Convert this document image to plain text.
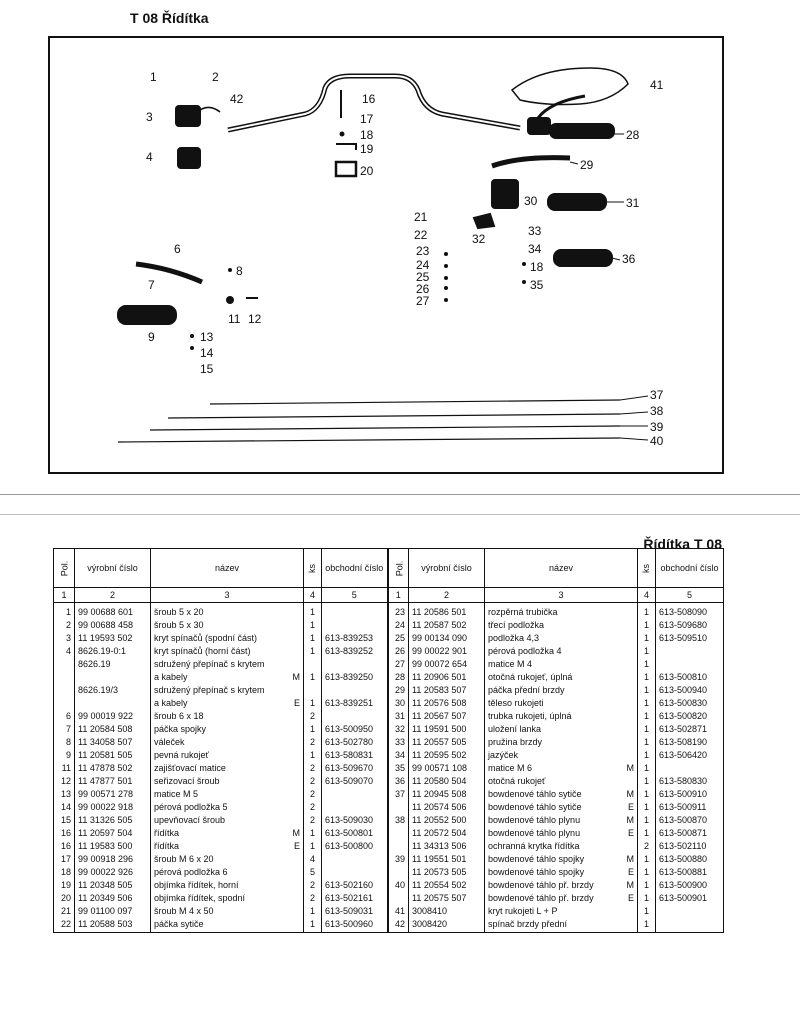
T 08 Řídítka
1	2
3
4
42	16
17
18
19
20
41
28
29
30	31
21
22
23
24
25
26
27
32
33
34
18
35
36
6
7
8
11 12
9	13
14
15
37
38
39
40
Řídítka T 08
Pol.	výrobní číslo	název	ks	obchodní číslo	Pol.	výrobní číslo	název	ks	obchodní číslo
1	2	3	4	5	1	2	3	4	5
1	99 00688 601	šroub 5 x 20	1		23	11 20586 501	rozpěrná trubička	1	613-508090
2	99 00688 458	šroub 5 x 30	1		24	11 20587 502	třecí podložka	1	613-509680
3	11 19593 502	kryt spínačů (spodní část)	1	613-839253	25	99 00134 090	podložka 4,3	1	613-509510
4	8626.19-0:1	kryt spínačů (horní část)	1	613-839252	26	99 00022 901	pérová podložka 4	1	
	8626.19	sdružený přepínač s krytem			27	99 00072 654	matice M 4	1	

		a kabely M	1	613-839250	28	11 20906 501	otočná rukojeť, úplná	1	613-500810
	8626.19/3	sdružený přepínač s krytem			29	11 20583 507	páčka přední brzdy	1	613-500940

		a kabely E	1	613-839251	30	11 20576 508	těleso rukojeti	1	613-500830
6	99 00019 922	šroub 6 x 18	2		31	11 20567 507	trubka rukojeti, úplná	1	613-500820
7	11 20584 508	páčka spojky	1	613-500950	32	11 19591 500	uložení lanka	1	613-502871
8	11 34058 507	váleček	2	613-502780	33	11 20557 505	pružina brzdy	1	613-508190
9	11 20581 505	pevná rukojeť	1	613-580831	34	11 20595 502	jazýček	1	613-506420
11	11 47878 502	zajišťovací matice	2	613-509670	35	99 00571 108	matice M 6 M	1	
12	11 47877 501	seřizovací šroub	2	613-509070	36	11 20580 504	otočná rukojeť	1	613-580830
13	99 00571 278	matice M 5	2		37	11 20945 508	bowdenové táhlo sytiče M	1	613-500910
14	99 00022 918	pérová podložka 5	2			11 20574 506	bowdenové táhlo sytiče E	1	613-500911
15	11 31326 505	upevňovací šroub	2	613-509030	38	11 20552 500	bowdenové táhlo plynu M	1	613-500870
16	11 20597 504	řídítka M	1	613-500801		11 20572 504	bowdenové táhlo plynu E	1	613-500871
16	11 19583 500	řídítka E	1	613-500800		11 34313 506	ochranná krytka řídítka	2	613-502110
17	99 00918 296	šroub M 6 x 20	4		39	11 19551 501	bowdenové táhlo spojky M	1	613-500880
18	99 00022 926	pérová podložka 6	5			11 20573 505	bowdenové táhlo spojky E	1	613-500881
19	11 20348 505	objímka řídítek, horní	2	613-502160	40	11 20554 502	bowdenové táhlo př. brzdy M	1	613-500900
20	11 20349 506	objímka řídítek, spodní	2	613-502161		11 20575 507	bowdenové táhlo př. brzdy E	1	613-500901
21	99 01100 097	šroub M 4 x 50	1	613-509031	41	3008410	kryt rukojeti L + P	1	
22	11 20588 503	páčka sytiče	1	613-500960	42	3008420	spínač brzdy přední	1	
